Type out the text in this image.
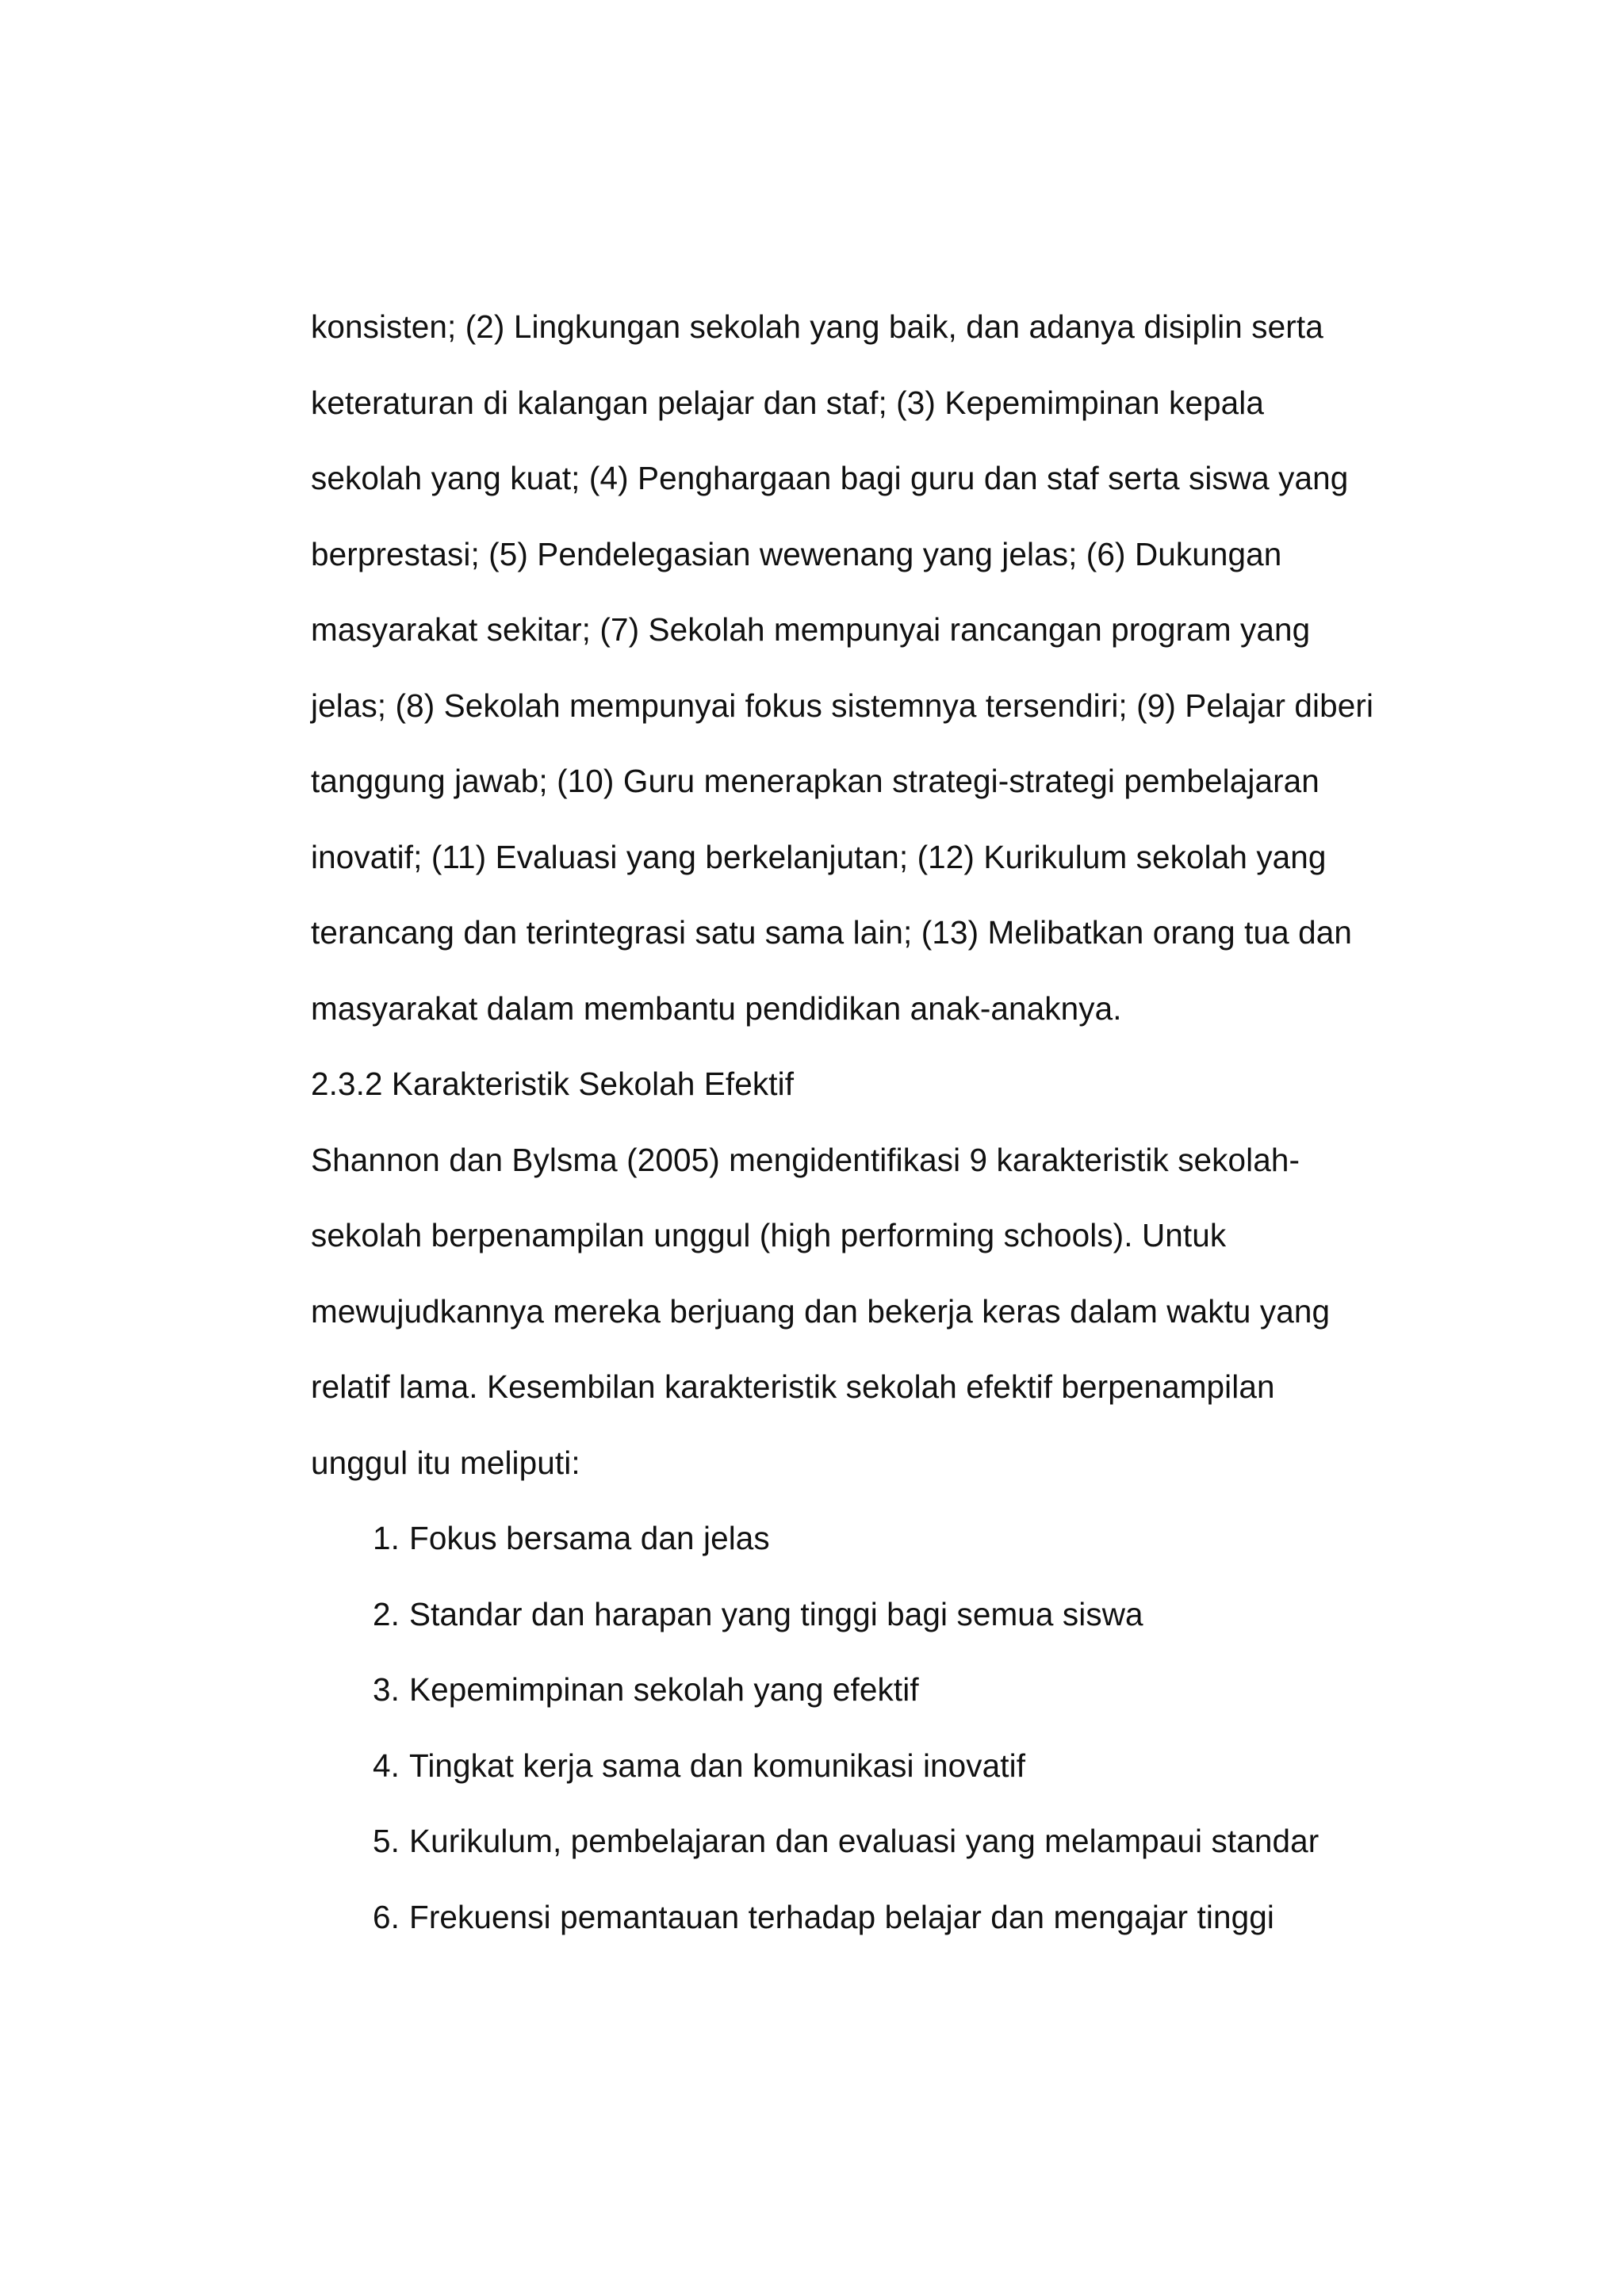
konsisten; (2) Lingkungan sekolah yang baik, dan adanya disiplin serta
keteraturan di kalangan pelajar dan staf; (3) Kepemimpinan kepala
sekolah yang kuat; (4) Penghargaan bagi guru dan staf serta siswa yang
berprestasi; (5) Pendelegasian wewenang yang jelas; (6) Dukungan
masyarakat sekitar; (7) Sekolah mempunyai rancangan program yang
jelas; (8) Sekolah mempunyai fokus sistemnya tersendiri; (9) Pelajar diberi
tanggung jawab; (10) Guru menerapkan strategi-strategi pembelajaran
inovatif; (11) Evaluasi yang berkelanjutan; (12) Kurikulum sekolah yang
terancang dan terintegrasi satu sama lain; (13) Melibatkan orang tua dan
masyarakat dalam membantu pendidikan anak-anaknya.
2.3.2 Karakteristik Sekolah Efektif
Shannon dan Bylsma (2005) mengidentifikasi 9 karakteristik sekolah-
sekolah berpenampilan unggul (high performing schools). Untuk
mewujudkannya mereka berjuang dan bekerja keras dalam waktu yang
relatif lama. Kesembilan karakteristik sekolah efektif berpenampilan
unggul itu meliputi:
1. Fokus bersama dan jelas
2. Standar dan harapan yang tinggi bagi semua siswa
3. Kepemimpinan sekolah yang efektif
4. Tingkat kerja sama dan komunikasi inovatif
5. Kurikulum, pembelajaran dan evaluasi yang melampaui standar
6. Frekuensi pemantauan terhadap belajar dan mengajar tinggi
